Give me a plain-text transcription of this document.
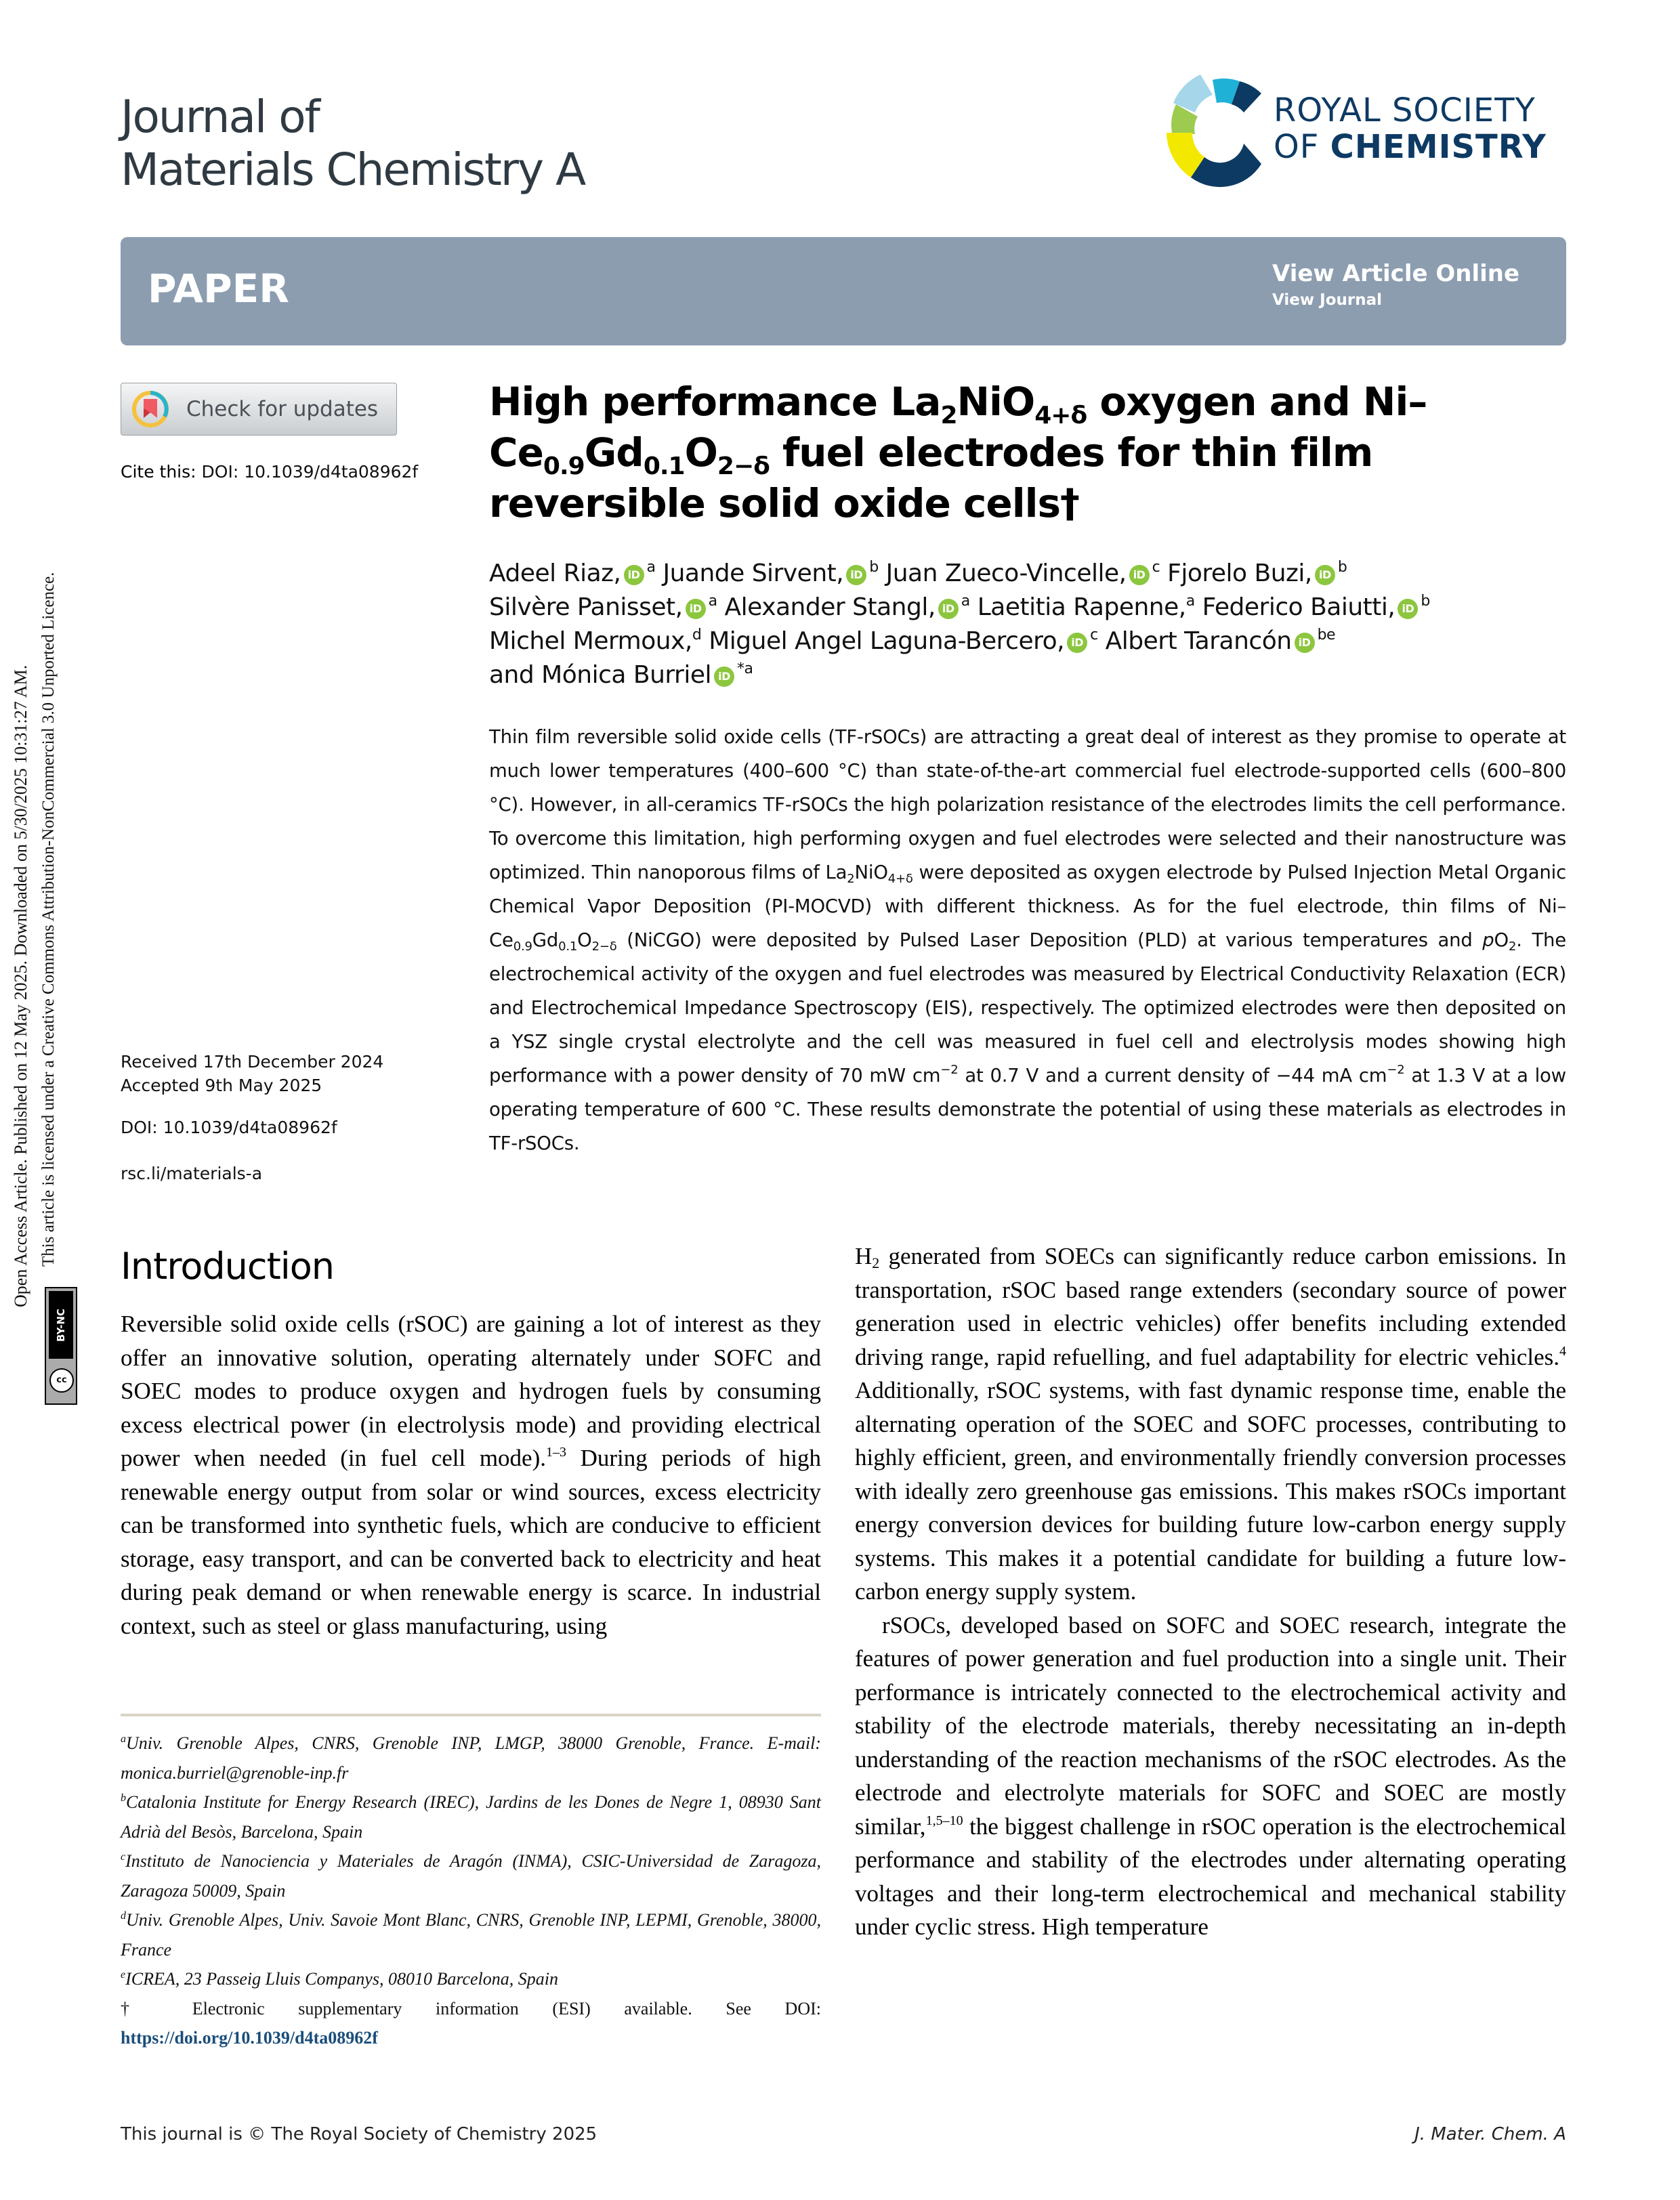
Journal of
Materials Chemistry A
ROYAL SOCIETY
OF CHEMISTRY
PAPER	View Article Online
View Journal
Open Access Article. Published on 12 May 2025. Downloaded on 5/30/2025 10:31:27 AM. This article is licensed under a Creative Commons Attribution-NonCommercial 3.0 Unported Licence.
BY-NC
cc
Check for updates
Cite this: DOI: 10.1039/d4ta08962f
Received 17th December 2024
Accepted 9th May 2025
DOI: 10.1039/d4ta08962f
rsc.li/materials-a
High performance $La_2NiO_{4+\delta}$ oxygen and $Ni-Ce_{0.9}Gd_{0.1}O_{2-\delta}$ fuel electrodes for thin film reversible solid oxide cells†
Adeel Riaz, iD $^a$ Juande Sirvent, iD $^b$ Juan Zueco-Vincelle, iD $^c$ Fjorelo Buzi, iD $^b$
Silvère Panisset, iD $^a$ Alexander Stangl, iD $^a$ Laetitia Rapenne,$^a$ Federico Baiutti, iD $^b$
Michel Mermoux,$^d$ Miguel Angel Laguna-Bercero, iD $^c$ Albert Tarancón iD $^{be}$
and Mónica Burriel iD $^{*a}$
Thin film reversible solid oxide cells (TF-rSOCs) are attracting a great deal of interest as they promise to operate at much lower temperatures (400–600 °C) than state-of-the-art commercial fuel electrode-supported cells (600–800 °C). However, in all-ceramics TF-rSOCs the high polarization resistance of the electrodes limits the cell performance. To overcome this limitation, high performing oxygen and fuel electrodes were selected and their nanostructure was optimized. Thin nanoporous films of $La_2NiO_{4+\delta}$ were deposited as oxygen electrode by Pulsed Injection Metal Organic Chemical Vapor Deposition (PI-MOCVD) with different thickness. As for the fuel electrode, thin films of $Ni-Ce_{0.9}Gd_{0.1}O_{2-\delta}$ (NiCGO) were deposited by Pulsed Laser Deposition (PLD) at various temperatures and $pO_2$. The electrochemical activity of the oxygen and fuel electrodes was measured by Electrical Conductivity Relaxation (ECR) and Electrochemical Impedance Spectroscopy (EIS), respectively. The optimized electrodes were then deposited on a YSZ single crystal electrolyte and the cell was measured in fuel cell and electrolysis modes showing high performance with a power density of 70 mW $cm^{-2}$ at 0.7 V and a current density of −44 mA $cm^{-2}$ at 1.3 V at a low operating temperature of 600 °C. These results demonstrate the potential of using these materials as electrodes in TF-rSOCs.
Introduction
Reversible solid oxide cells (rSOC) are gaining a lot of interest as they offer an innovative solution, operating alternately under SOFC and SOEC modes to produce oxygen and hydrogen fuels by consuming excess electrical power (in electrolysis mode) and providing electrical power when needed (in fuel cell mode).$^{1-3}$ During periods of high renewable energy output from solar or wind sources, excess electricity can be transformed into synthetic fuels, which are conducive to efficient storage, easy transport, and can be converted back to electricity and heat during peak demand or when renewable energy is scarce. In industrial context, such as steel or glass manufacturing, using
$H_2$ generated from SOECs can significantly reduce carbon emissions. In transportation, rSOC based range extenders (secondary source of power generation used in electric vehicles) offer benefits including extended driving range, rapid refuelling, and fuel adaptability for electric vehicles.$^4$ Additionally, rSOC systems, with fast dynamic response time, enable the alternating operation of the SOEC and SOFC processes, contributing to highly efficient, green, and environmentally friendly conversion processes with ideally zero greenhouse gas emissions. This makes rSOCs important energy conversion devices for building future low-carbon energy supply systems. This makes it a potential candidate for building a future low-carbon energy supply system.
rSOCs, developed based on SOFC and SOEC research, integrate the features of power generation and fuel production into a single unit. Their performance is intricately connected to the electrochemical activity and stability of the electrode materials, thereby necessitating an in-depth understanding of the reaction mechanisms of the rSOC electrodes. As the electrode and electrolyte materials for SOFC and SOEC are mostly similar,$^{1,5-10}$ the biggest challenge in rSOC operation is the electrochemical performance and stability of the electrodes under alternating operating voltages and their long-term electrochemical and mechanical stability under cyclic stress. High temperature
$^a$Univ. Grenoble Alpes, CNRS, Grenoble INP, LMGP, 38000 Grenoble, France. E-mail: monica.burriel@grenoble-inp.fr
$^b$Catalonia Institute for Energy Research (IREC), Jardins de les Dones de Negre 1, 08930 Sant Adrià del Besòs, Barcelona, Spain
$^c$Instituto de Nanociencia y Materiales de Aragón (INMA), CSIC-Universidad de Zaragoza, Zaragoza 50009, Spain
$^d$Univ. Grenoble Alpes, Univ. Savoie Mont Blanc, CNRS, Grenoble INP, LEPMI, Grenoble, 38000, France
$^e$ICREA, 23 Passeig Lluis Companys, 08010 Barcelona, Spain
† Electronic supplementary information (ESI) available. See DOI: https://doi.org/10.1039/d4ta08962f
This journal is © The Royal Society of Chemistry 2025	J. Mater. Chem. A
